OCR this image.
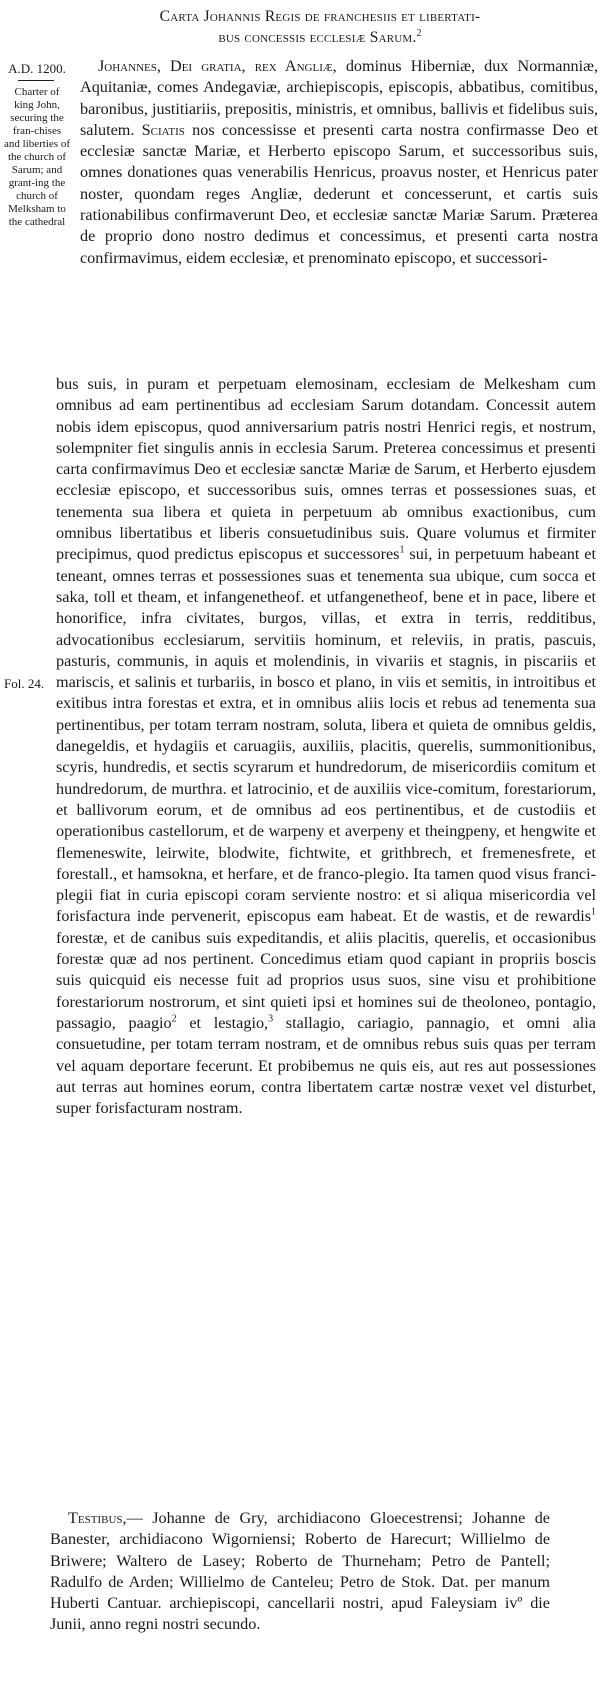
Carta Johannis Regis de franchesiis et libertati-
bus concessis ecclesiæ Sarum.$^2$
A.D. 1200.
Charter of king John, securing the fran-chises and liberties of the church of Sarum; and grant-ing the church of Melksham to the cathedral
Fol. 24.
Johannes, Dei gratia, rex Angliæ, dominus Hiberniæ, dux Normanniæ, Aquitaniæ, comes Andegaviæ, archiepiscopis, episcopis, abbatibus, comitibus, baronibus, justitiariis, prepositis, ministris, et omnibus, ballivis et fidelibus suis, salutem. Sciatis nos concessisse et presenti carta nostra confirmasse Deo et ecclesiæ sanctæ Mariæ, et Herberto episcopo Sarum, et successoribus suis, omnes donationes quas venerabilis Henricus, proavus noster, et Henricus pater noster, quondam reges Angliæ, dederunt et concesserunt, et cartis suis rationabilibus confirmaverunt Deo, et ecclesiæ sanctæ Mariæ Sarum. Præterea de proprio dono nostro dedimus et concessimus, et presenti carta nostra confirmavimus, eidem ecclesiæ, et prenominato episcopo, et successori-
bus suis, in puram et perpetuam elemosinam, ecclesiam de Melkesham cum omnibus ad eam pertinentibus ad ecclesiam Sarum dotandam. Concessit autem nobis idem episcopus, quod anniversarium patris nostri Henrici regis, et nostrum, solempniter fiet singulis annis in ecclesia Sarum. Preterea concessimus et presenti carta confirmavimus Deo et ecclesiæ sanctæ Mariæ de Sarum, et Herberto ejusdem ecclesiæ episcopo, et successoribus suis, omnes terras et possessiones suas, et tenementa sua libera et quieta in perpetuum ab omnibus exactionibus, cum omnibus libertatibus et liberis consuetudinibus suis. Quare volumus et firmiter precipimus, quod predictus episcopus et successores$^1$ sui, in perpetuum habeant et teneant, omnes terras et possessiones suas et tenementa sua ubique, cum socca et saka, toll et theam, et infangenetheof. et utfangenetheof, bene et in pace, libere et honorifice, infra civitates, burgos, villas, et extra in terris, redditibus, advocationibus ecclesiarum, servitiis hominum, et releviis, in pratis, pascuis, pasturis, communis, in aquis et molendinis, in vivariis et stagnis, in piscariis et mariscis, et salinis et turbariis, in bosco et plano, in viis et semitis, in introitibus et exitibus intra forestas et extra, et in omnibus aliis locis et rebus ad tenementa sua pertinentibus, per totam terram nostram, soluta, libera et quieta de omnibus geldis, danegeldis, et hydagiis et caruagiis, auxiliis, placitis, querelis, summonitionibus, scyris, hundredis, et sectis scyrarum et hundredorum, de misericordiis comitum et hundredorum, de murthra. et latrocinio, et de auxiliis vice-comitum, forestariorum, et ballivorum eorum, et de omnibus ad eos pertinentibus, et de custodiis et operationibus castellorum, et de warpeny et averpeny et theingpeny, et hengwite et flemeneswite, leirwite, blodwite, fichtwite, et grithbrech, et fremenesfrete, et forestall., et hamsokna, et herfare, et de franco-plegio. Ita tamen quod visus franci-plegii fiat in curia episcopi coram serviente nostro: et si aliqua misericordia vel forisfactura inde pervenerit, episcopus eam habeat. Et de wastis, et de rewardis$^1$ forestæ, et de canibus suis expeditandis, et aliis placitis, querelis, et occasionibus forestæ quæ ad nos pertinent. Concedimus etiam quod capiant in propriis boscis suis quicquid eis necesse fuit ad proprios usus suos, sine visu et prohibitione forestariorum nostrorum, et sint quieti ipsi et homines sui de theoloneo, pontagio, passagio, paagio$^2$ et lestagio,$^3$ stallagio, cariagio, pannagio, et omni alia consuetudine, per totam terram nostram, et de omnibus rebus suis quas per terram vel aquam deportare fecerunt. Et probibemus ne quis eis, aut res aut possessiones aut terras aut homines eorum, contra libertatem cartæ nostræ vexet vel disturbet, super forisfacturam nostram.
Testibus,— Johanne de Gry, archidiacono Gloecestrensi; Johanne de Banester, archidiacono Wigorniensi; Roberto de Harecurt; Willielmo de Briwere; Waltero de Lasey; Roberto de Thurneham; Petro de Pantell; Radulfo de Arden; Willielmo de Canteleu; Petro de Stok. Dat. per manum Huberti Cantuar. archiepiscopi, cancellarii nostri, apud Faleysiam ivº die Junii, anno regni nostri secundo.
